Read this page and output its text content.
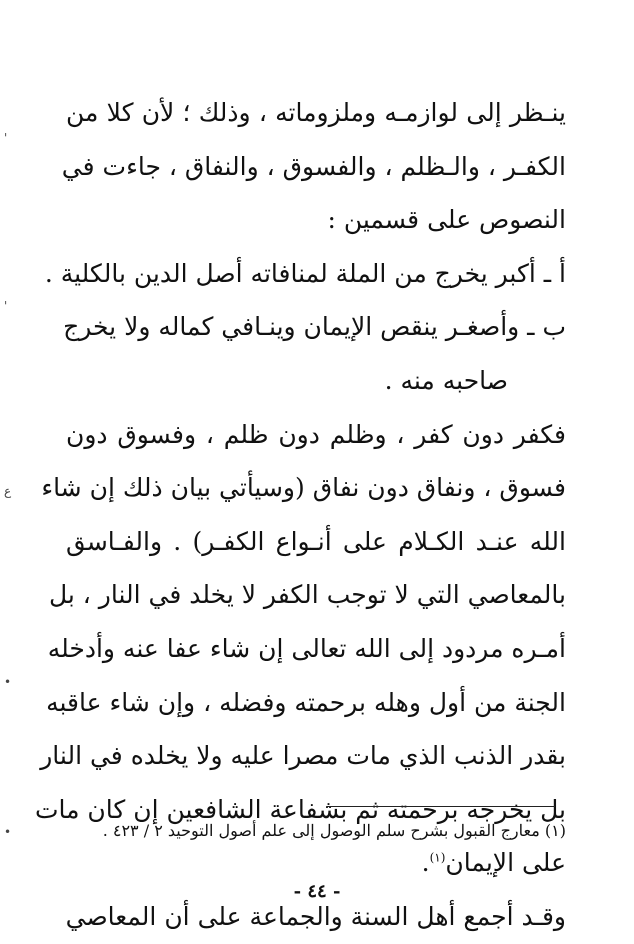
'
'
ع
•
•
ينـظر إلى لوازمـه وملزوماته ، وذلك ؛ لأن كلا من
الكفـر ، والـظلم ، والفسوق ، والنفاق ، جاءت في
النصوص على قسمين :
أ ـ أكبر يخرج من الملة لمنافاته أصل الدين بالكلية .
ب ـ وأصغـر ينقص الإيمان وينـافي كماله ولا يخرج
صاحبه منه .
فكفر دون كفر ، وظلم دون ظلم ، وفسوق دون
فسوق ، ونفاق دون نفاق (وسيأتي بيان ذلك إن شاء
الله عنـد الكـلام على أنـواع الكفـر) . والفـاسق
بالمعاصي التي لا توجب الكفر لا يخلد في النار ، بل
أمـره مردود إلى الله تعالى إن شاء عفا عنه وأدخله
الجنة من أول وهله برحمته وفضله ، وإن شاء عاقبه
بقدر الذنب الذي مات مصرا عليه ولا يخلده في النار
بل يخرجه برحمته ثم بشفاعة الشافعين إن كان مات
على الإيمان$^{(١)}$.
وقـد أجمع أهل السنة والجماعة على أن المعاصي
(١) معارج القبول بشرح سلم الوصول إلى علم أصول التوحيد ٢ / ٤٢٣ .
- ٤٤ -
